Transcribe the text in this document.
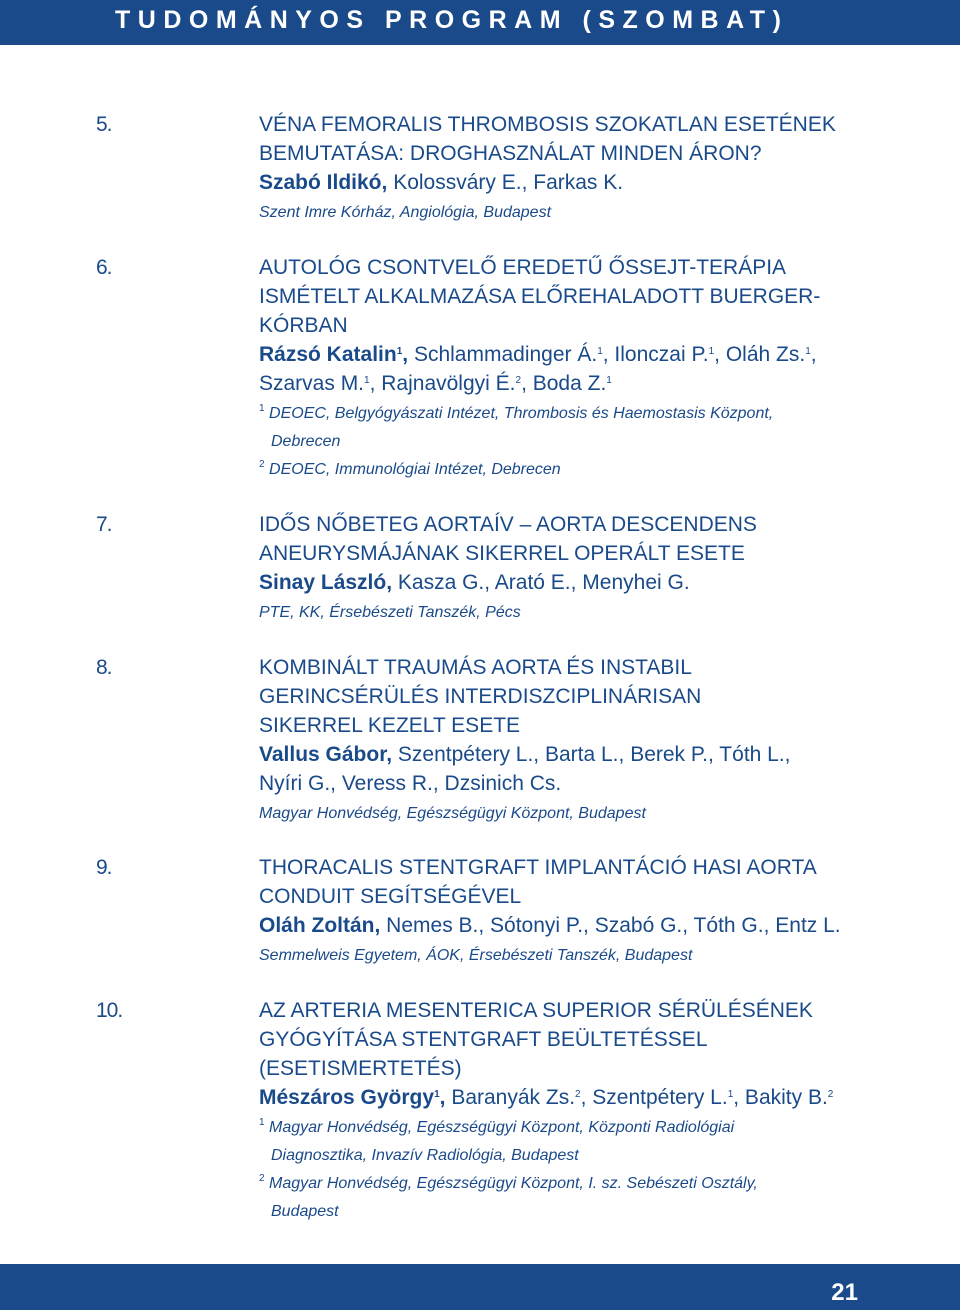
TUDOMÁNYOS PROGRAM (SZOMBAT)
5.	VÉNA FEMORALIS THROMBOSIS SZOKATLAN ESETÉNEK
BEMUTATÁSA: DROGHASZNÁLAT MINDEN ÁRON?
Szabó Ildikó, Kolossváry E., Farkas K.
Szent Imre Kórház, Angiológia, Budapest
6.	AUTOLÓG CSONTVELŐ EREDETŰ ŐSSEJT-TERÁPIA
ISMÉTELT ALKALMAZÁSA ELŐREHALADOTT BUERGER-
KÓRBAN
Rázsó Katalin$^1$, Schlammadinger Á.$^1$, Ilonczai P.$^1$, Oláh Zs.$^1$,
Szarvas M.$^1$, Rajnavölgyi É.$^2$, Boda Z.$^1$
$^1$ DEOEC, Belgyógyászati Intézet, Thrombosis és Haemostasis Központ,
Debrecen
$^2$ DEOEC, Immunológiai Intézet, Debrecen
7.	IDŐS NŐBETEG AORTAÍV – AORTA DESCENDENS
ANEURYSMÁJÁNAK SIKERREL OPERÁLT ESETE
Sinay László, Kasza G., Arató E., Menyhei G.
PTE, KK, Érsebészeti Tanszék, Pécs
8.	KOMBINÁLT TRAUMÁS AORTA ÉS INSTABIL
GERINCSÉRÜLÉS INTERDISZCIPLINÁRISAN
SIKERREL KEZELT ESETE
Vallus Gábor, Szentpétery L., Barta L., Berek P., Tóth L.,
Nyíri G., Veress R., Dzsinich Cs.
Magyar Honvédség, Egészségügyi Központ, Budapest
9.	THORACALIS STENTGRAFT IMPLANTÁCIÓ HASI AORTA
CONDUIT SEGÍTSÉGÉVEL
Oláh Zoltán, Nemes B., Sótonyi P., Szabó G., Tóth G., Entz L.
Semmelweis Egyetem, ÁOK, Érsebészeti Tanszék, Budapest
10.	AZ ARTERIA MESENTERICA SUPERIOR SÉRÜLÉSÉNEK
GYÓGYÍTÁSA STENTGRAFT BEÜLTETÉSSEL
(ESETISMERTETÉS)
Mészáros György$^1$, Baranyák Zs.$^2$, Szentpétery L.$^1$, Bakity B.$^2$
$^1$ Magyar Honvédség, Egészségügyi Központ, Központi Radiológiai
Diagnosztika, Invazív Radiológia, Budapest
$^2$ Magyar Honvédség, Egészségügyi Központ, I. sz. Sebészeti Osztály,
Budapest
21
